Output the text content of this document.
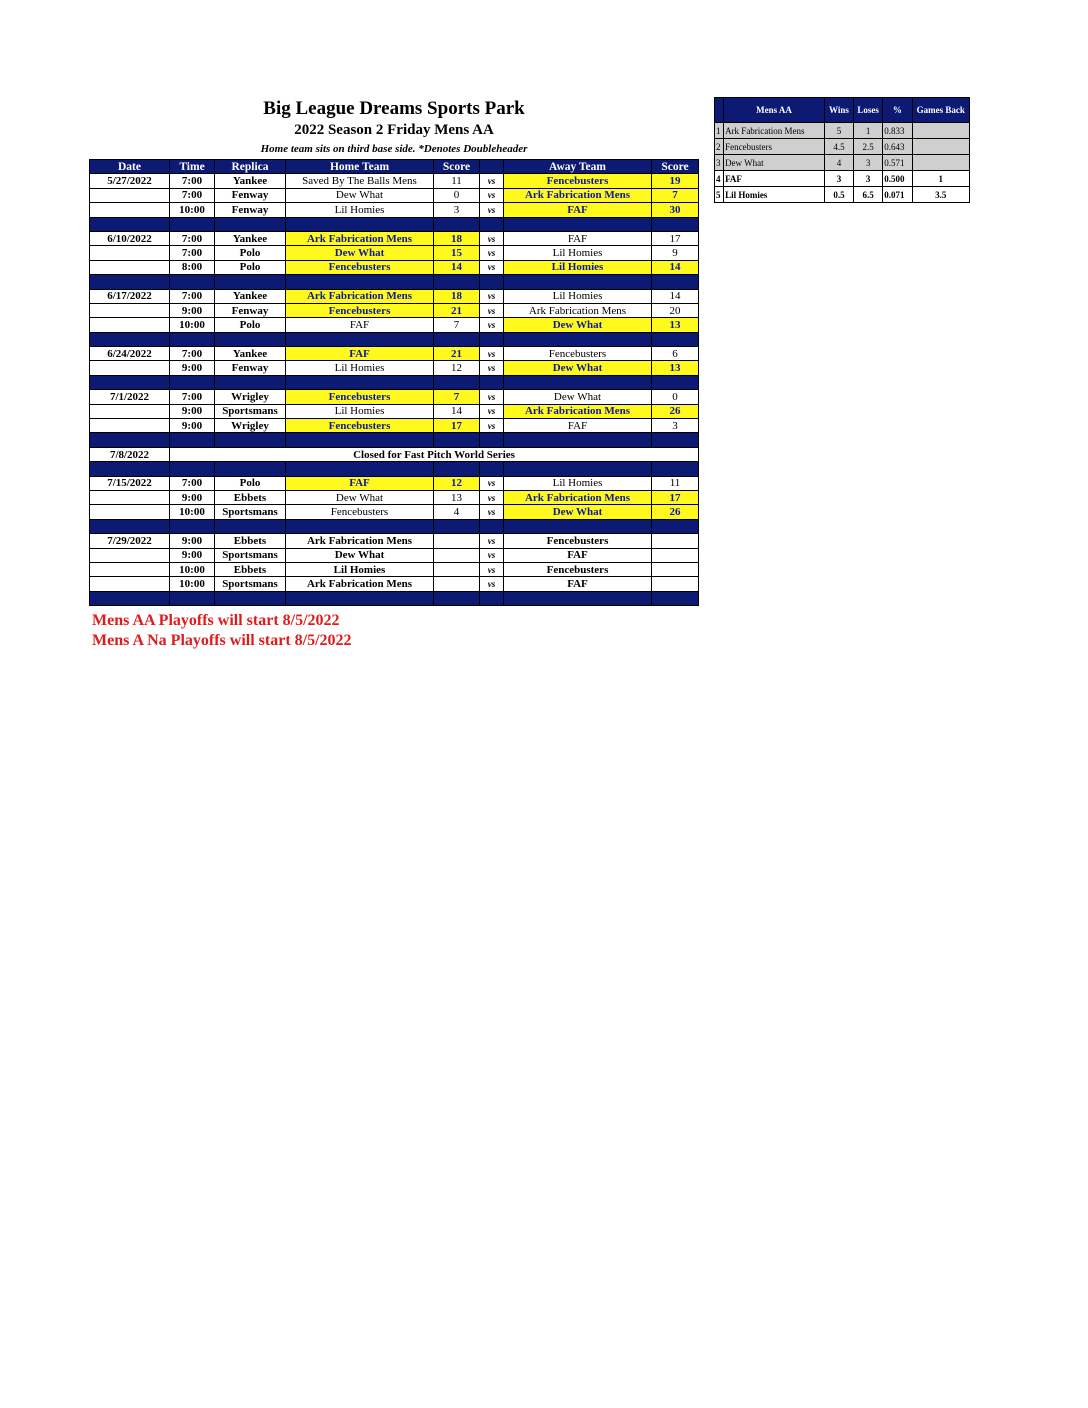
Big League Dreams Sports Park
2022 Season 2 Friday Mens AA
Home team sits on third base side. *Denotes Doubleheader
Date	Time	Replica	Home Team	Score		Away Team	Score
5/27/2022	7:00	Yankee	Saved By The Balls Mens	11	vs	Fencebusters	19
	7:00	Fenway	Dew What	0	vs	Ark Fabrication Mens	7
	10:00	Fenway	Lil Homies	3	vs	FAF	30

6/10/2022	7:00	Yankee	Ark Fabrication Mens	18	vs	FAF	17
	7:00	Polo	Dew What	15	vs	Lil Homies	9
	8:00	Polo	Fencebusters	14	vs	Lil Homies	14

6/17/2022	7:00	Yankee	Ark Fabrication Mens	18	vs	Lil Homies	14
	9:00	Fenway	Fencebusters	21	vs	Ark Fabrication Mens	20
	10:00	Polo	FAF	7	vs	Dew What	13

6/24/2022	7:00	Yankee	FAF	21	vs	Fencebusters	6
	9:00	Fenway	Lil Homies	12	vs	Dew What	13

7/1/2022	7:00	Wrigley	Fencebusters	7	vs	Dew What	0
	9:00	Sportsmans	Lil Homies	14	vs	Ark Fabrication Mens	26
	9:00	Wrigley	Fencebusters	17	vs	FAF	3

7/8/2022	Closed for Fast Pitch World Series						

7/15/2022	7:00	Polo	FAF	12	vs	Lil Homies	11
	9:00	Ebbets	Dew What	13	vs	Ark Fabrication Mens	17
	10:00	Sportsmans	Fencebusters	4	vs	Dew What	26

7/29/2022	9:00	Ebbets	Ark Fabrication Mens		vs	Fencebusters	
	9:00	Sportsmans	Dew What		vs	FAF	
	10:00	Ebbets	Lil Homies		vs	Fencebusters	
	10:00	Sportsmans	Ark Fabrication Mens		vs	FAF	

	Mens AA	Wins	Loses	%	Games Back
1	Ark Fabrication Mens	5	1	0.833	
2	Fencebusters	4.5	2.5	0.643	
3	Dew What	4	3	0.571	
4	FAF	3	3	0.500	1
5	Lil Homies	0.5	6.5	0.071	3.5
Mens AA Playoffs will start 8/5/2022
Mens A Na Playoffs will start 8/5/2022
